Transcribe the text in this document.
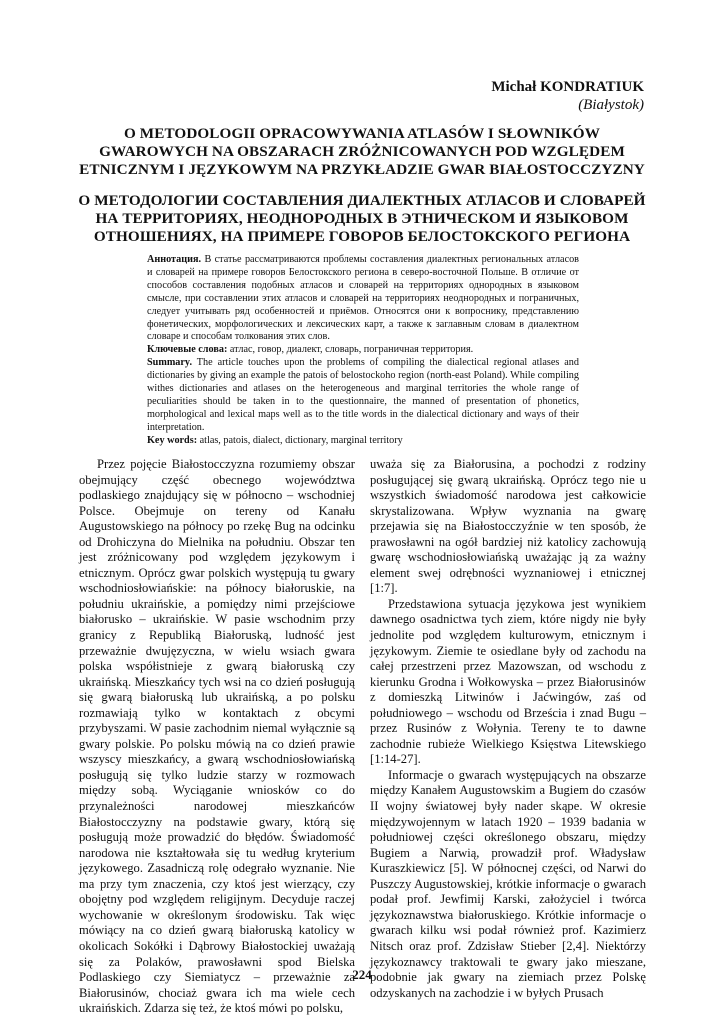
Michał KONDRATIUK
(Białystok)
O METODOLOGII OPRACOWYWANIA ATLASÓW I SŁOWNIKÓW GWAROWYCH NA OBSZARACH ZRÓŻNICOWANYCH POD WZGLĘDEM ETNICZNYM I JĘZYKOWYM NA PRZYKŁADZIE GWAR BIAŁOSTOCCZYZNY
О МЕТОДОЛОГИИ СОСТАВЛЕНИЯ ДИАЛЕКТНЫХ АТЛАСОВ И СЛОВАРЕЙ НА ТЕРРИТОРИЯХ, НЕОДНОРОДНЫХ В ЭТНИЧЕСКОМ И ЯЗЫКОВОМ ОТНОШЕНИЯХ, НА ПРИМЕРЕ ГОВОРОВ БЕЛОСТОКСКОГО РЕГИОНА

Аннотация. В статье рассматриваются проблемы составления диалектных региональных атласов и словарей на примере говоров Белостокского региона в северо-восточной Польше. В отличие от способов составления подобных атласов и словарей на территориях однородных в языковом смысле, при составлении этих атласов и словарей на территориях неоднородных и пограничных, следует учитывать ряд особенностей и приёмов. Относятся они к вопроснику, представлению фонетических, морфологических и лексических карт, а также к заглавным словам в диалектном словаре и способам толкования этих слов.

Ключевые слова: атлас, говор, диалект, словарь, пограничная территория.

Summary. The article touches upon the problems of compiling the dialectical regional atlases and dictionaries by giving an example the patois of belostockoho region (north-east Poland). While compiling withes dictionaries and atlases on the heterogeneous and marginal territories the whole range of peculiarities should be taken in to the questionnaire, the manned of presentation of phonetics, morphological and lexical maps well as to the title words in the dialectical dictionary and ways of their interpretation.

Key words: atlas, patois, dialect, dictionary, marginal territory

Przez pojęcie Białostocczyzna rozumiemy obszar obejmujący część obecnego województwa podlaskiego znajdujący się w północno – wschodniej Polsce. Obejmuje on tereny od Kanału Augustowskiego na północy po rzekę Bug na odcinku od Drohiczyna do Mielnika na południu. Obszar ten jest zróżnicowany pod względem językowym i etnicznym. Oprócz gwar polskich występują tu gwary wschodniosłowiańskie: na północy białoruskie, na południu ukraińskie, a pomiędzy nimi przejściowe białorusko – ukraińskie. W pasie wschodnim przy granicy z Republiką Białoruską, ludność jest przeważnie dwujęzyczna, w wielu wsiach gwara polska współistnieje z gwarą białoruską czy ukraińską. Mieszkańcy tych wsi na co dzień posługują się gwarą białoruską lub ukraińską, a po polsku rozmawiają tylko w kontaktach z obcymi przybyszami. W pasie zachodnim niemal wyłącznie są gwary polskie. Po polsku mówią na co dzień prawie wszyscy mieszkańcy, a gwarą wschodniosłowiańską posługują się tylko ludzie starzy w rozmowach między sobą. Wyciąganie wniosków co do przynależności narodowej mieszkańców Białostocczyzny na podstawie gwary, którą się posługują może prowadzić do błędów. Świadomość narodowa nie kształtowała się tu według kryterium językowego. Zasadniczą rolę odegrało wyznanie. Nie ma przy tym znaczenia, czy ktoś jest wierzący, czy obojętny pod względem religijnym. Decyduje raczej wychowanie w określonym środowisku. Tak więc mówiący na co dzień gwarą białoruską katolicy w okolicach Sokółki i Dąbrowy Białostockiej uważają się za Polaków, prawosławni spod Bielska Podlaskiego czy Siemiatycz – przeważnie za Białorusinów, chociaż gwara ich ma wiele cech ukraińskich. Zdarza się też, że ktoś mówi po polsku,

uważa się za Białorusina, a pochodzi z rodziny posługującej się gwarą ukraińską. Oprócz tego nie u wszystkich świadomość narodowa jest całkowicie skrystalizowana. Wpływ wyznania na gwarę przejawia się na Białostocczyźnie w ten sposób, że prawosławni na ogół bardziej niż katolicy zachowują gwarę wschodniosłowiańską uważając ją za ważny element swej odrębności wyznaniowej i etnicznej [1:7].

Przedstawiona sytuacja językowa jest wynikiem dawnego osadnictwa tych ziem, które nigdy nie były jednolite pod względem kulturowym, etnicznym i językowym. Ziemie te osiedlane były od zachodu na całej przestrzeni przez Mazowszan, od wschodu z kierunku Grodna i Wołkowyska – przez Białorusinów z domieszką Litwinów i Jaćwingów, zaś od południowego – wschodu od Brześcia i znad Bugu – przez Rusinów z Wołynia. Tereny te to dawne zachodnie rubieże Wielkiego Księstwa Litewskiego [1:14-27].

Informacje o gwarach występujących na obszarze między Kanałem Augustowskim a Bugiem do czasów II wojny światowej były nader skąpe. W okresie międzywojennym w latach 1920 – 1939 badania w południowej części określonego obszaru, między Bugiem a Narwią, prowadził prof. Władysław Kuraszkiewicz [5]. W północnej części, od Narwi do Puszczy Augustowskiej, krótkie informacje o gwarach podał prof. Jewfimij Karski, założyciel i twórca językoznawstwa białoruskiego. Krótkie informacje o gwarach kilku wsi podał również prof. Kazimierz Nitsch oraz prof. Zdzisław Stieber [2,4]. Niektórzy językoznawcy traktowali te gwary jako mieszane, podobnie jak gwary na ziemiach przez Polskę odzyskanych na zachodzie i w byłych Prusach

224
